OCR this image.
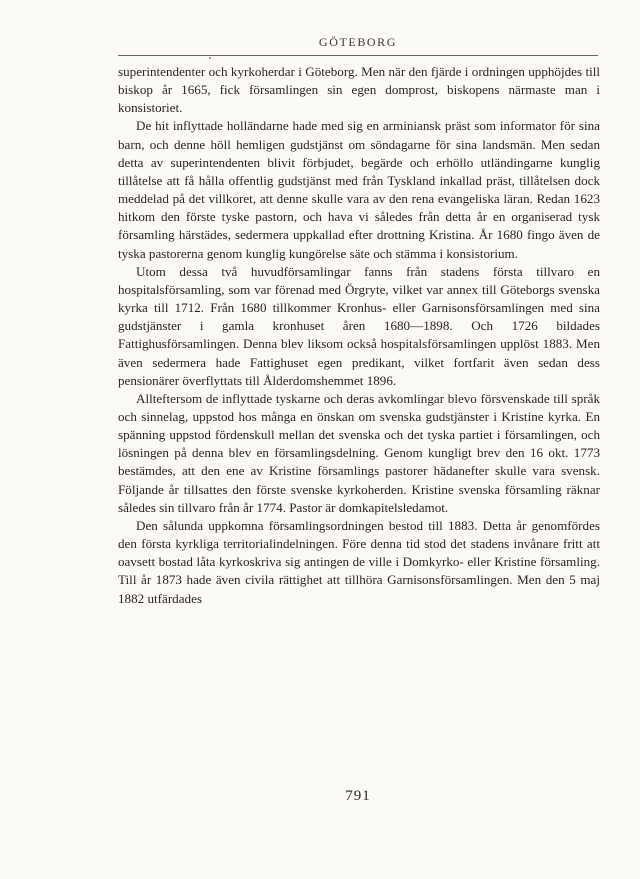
GÖTEBORG

superintendenter och kyrkoherdar i Göteborg. Men när den fjärde i ordningen upphöjdes till biskop år 1665, fick församlingen sin egen domprost, biskopens närmaste man i konsistoriet.

De hit inflyttade holländarne hade med sig en arminiansk präst som informator för sina barn, och denne höll hemligen gudstjänst om söndagarne för sina landsmän. Men sedan detta av superintendenten blivit förbjudet, begärde och erhöllo utländingarne kunglig tillåtelse att få hålla offentlig gudstjänst med från Tyskland inkallad präst, tillåtelsen dock meddelad på det villkoret, att denne skulle vara av den rena evangeliska läran. Redan 1623 hitkom den förste tyske pastorn, och hava vi således från detta år en organiserad tysk församling härstädes, sedermera uppkallad efter drottning Kristina. År 1680 fingo även de tyska pastorerna genom kunglig kungörelse säte och stämma i konsistorium.

Utom dessa två huvudförsamlingar fanns från stadens första tillvaro en hospitalsförsamling, som var förenad med Örgryte, vilket var annex till Göteborgs svenska kyrka till 1712. Från 1680 tillkommer Kronhus- eller Garnisonsförsamlingen med sina gudstjänster i gamla kronhuset åren 1680—1898. Och 1726 bildades Fattighusförsamlingen. Denna blev liksom också hospitalsförsamlingen upplöst 1883. Men även sedermera hade Fattighuset egen predikant, vilket fortfarit även sedan dess pensionärer överflyttats till Ålderdomshemmet 1896.

Allteftersom de inflyttade tyskarne och deras avkomlingar blevo försvenskade till språk och sinnelag, uppstod hos många en önskan om svenska gudstjänster i Kristine kyrka. En spänning uppstod fördenskull mellan det svenska och det tyska partiet i församlingen, och lösningen på denna blev en församlingsdelning. Genom kungligt brev den 16 okt. 1773 bestämdes, att den ene av Kristine församlings pastorer hädanefter skulle vara svensk. Följande år tillsattes den förste svenske kyrkoherden. Kristine svenska församling räknar således sin tillvaro från år 1774. Pastor är domkapitelsledamot.

Den sålunda uppkomna församlingsordningen bestod till 1883. Detta år genomfördes den första kyrkliga territorialindelningen. Före denna tid stod det stadens invånare fritt att oavsett bostad låta kyrkoskriva sig antingen de ville i Domkyrko- eller Kristine församling. Till år 1873 hade även civila rättighet att tillhöra Garnisonsförsamlingen. Men den 5 maj 1882 utfärdades

791
